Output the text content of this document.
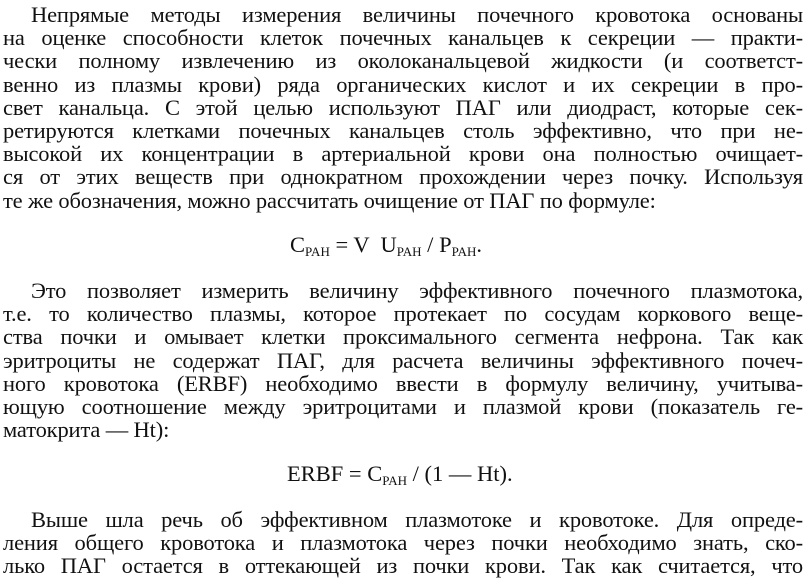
Непрямые методы измерения величины почечного кровотока основаны
на оценке способности клеток почечных канальцев к секреции — практи-
чески полному извлечению из околоканальцевой жидкости (и соответст-
венно из плазмы крови) ряда органических кислот и их секреции в про-
свет канальца. С этой целью используют ПАГ или диодраст, которые сек-
ретируются клетками почечных канальцев столь эффективно, что при не-
высокой их концентрации в артериальной крови она полностью очищает-
ся от этих веществ при однократном прохождении через почку. Используя
те же обозначения, можно рассчитать очищение от ПАГ по формуле:
$C_{PAH} = V$  $U_{PAH} / P_{PAH}$.
Это позволяет измерить величину эффективного почечного плазмотока,
т.е. то количество плазмы, которое протекает по сосудам коркового веще-
ства почки и омывает клетки проксимального сегмента нефрона. Так как
эритроциты не содержат ПАГ, для расчета величины эффективного почеч-
ного кровотока (ERBF) необходимо ввести в формулу величину, учитыва-
ющую соотношение между эритроцитами и плазмой крови (показатель ге-
матокрита — Ht):
ERBF = $C_{PAH} / (1$ — Ht).
Выше шла речь об эффективном плазмотоке и кровотоке. Для опреде-
ления общего кровотока и плазмотока через почки необходимо знать, ско-
лько ПАГ остается в оттекающей из почки крови. Так как считается, что
